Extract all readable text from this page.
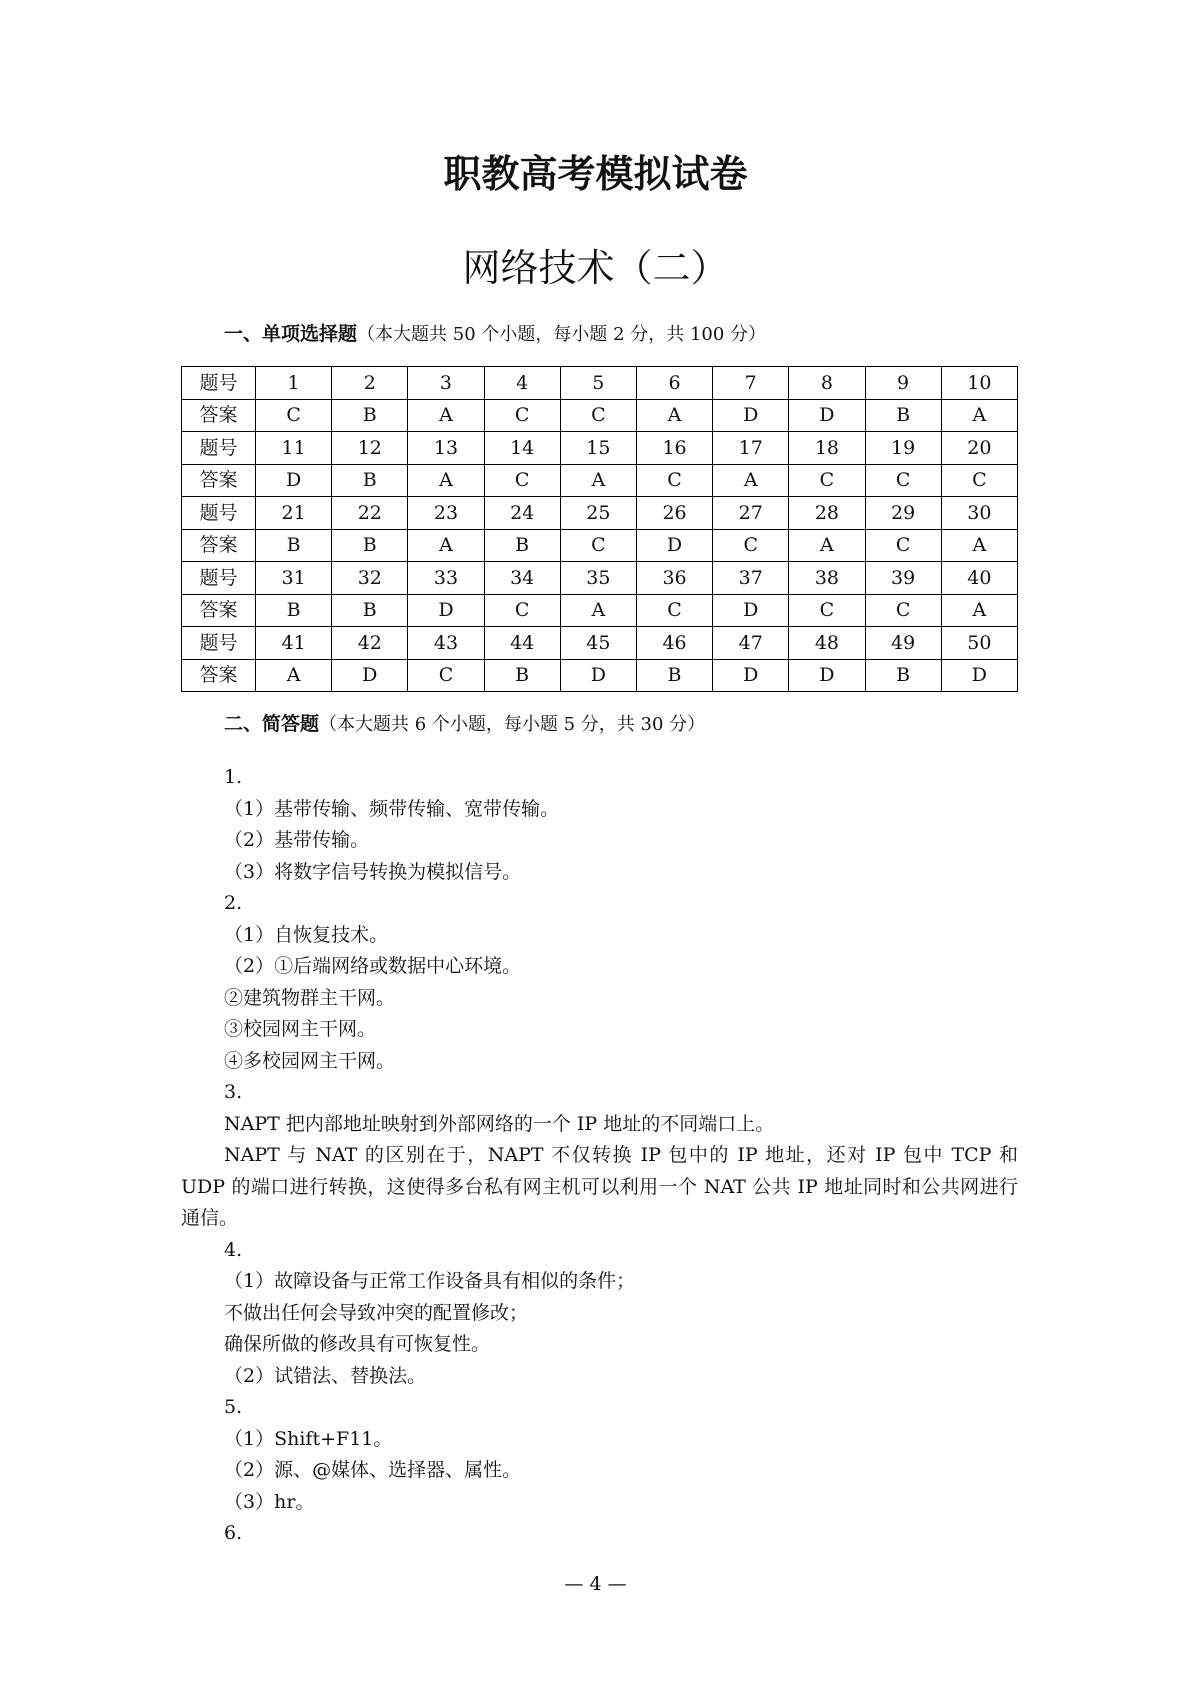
职教高考模拟试卷
网络技术（二）
一、单项选择题（本大题共 50 个小题，每小题 2 分，共 100 分）
题号	1	2	3	4	5	6	7	8	9	10
答案	C	B	A	C	C	A	D	D	B	A
题号	11	12	13	14	15	16	17	18	19	20
答案	D	B	A	C	A	C	A	C	C	C
题号	21	22	23	24	25	26	27	28	29	30
答案	B	B	A	B	C	D	C	A	C	A
题号	31	32	33	34	35	36	37	38	39	40
答案	B	B	D	C	A	C	D	C	C	A
题号	41	42	43	44	45	46	47	48	49	50
答案	A	D	C	B	D	B	D	D	B	D
二、简答题（本大题共 6 个小题，每小题 5 分，共 30 分）
1.
（1）基带传输、频带传输、宽带传输。
（2）基带传输。
（3）将数字信号转换为模拟信号。
2.
（1）自恢复技术。
（2）①后端网络或数据中心环境。
②建筑物群主干网。
③校园网主干网。
④多校园网主干网。
3.
NAPT 把内部地址映射到外部网络的一个 IP 地址的不同端口上。
NAPT 与 NAT 的区别在于，NAPT 不仅转换 IP 包中的 IP 地址，还对 IP 包中 TCP 和 UDP 的端口进行转换，这使得多台私有网主机可以利用一个 NAT 公共 IP 地址同时和公共网进行通信。
4.
（1）故障设备与正常工作设备具有相似的条件；
不做出任何会导致冲突的配置修改；
确保所做的修改具有可恢复性。
（2）试错法、替换法。
5.
（1）Shift+F11。
（2）源、@媒体、选择器、属性。
（3）hr。
6.
— 4 —
